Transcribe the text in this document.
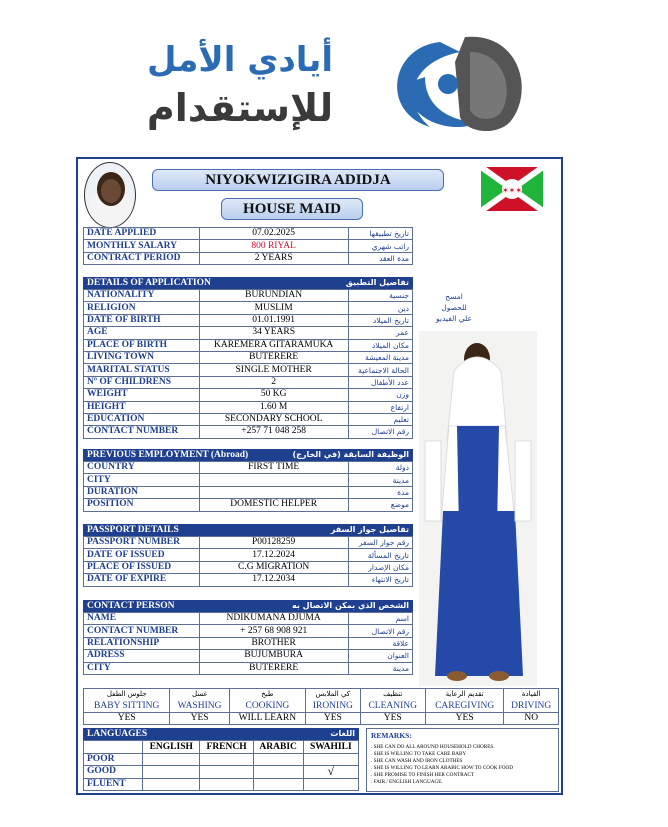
أيادي الأمل
للإستقدام
NIYOKWIZIGIRA ADIDJA
HOUSE MAID
✶✶✶
DATE APPLIED	07.02.2025	تاريخ تطبيقها
MONTHLY SALARY	800 RIYAL	راتب شهري
CONTRACT PERIOD	2 YEARS	مدة العقد
DETAILS OF APPLICATION	تفاصيل التطبيق
NATIONALITY	BURUNDIAN	جنسية
RELIGION	MUSLIM	دين
DATE OF BIRTH	01.01.1991	تاريخ الميلاد
AGE	34 YEARS	عمر
PLACE OF BIRTH	KAREMERA GITARAMUKA	مكان الميلاد
LIVING TOWN	BUTERERE	مدينة المعيشة
MARITAL STATUS	SINGLE MOTHER	الحالة الاجتماعية
Nº OF CHILDRENS	2	عدد الأطفال
WEIGHT	50 KG	وزن
HEIGHT	1.60 M	ارتفاع
EDUCATION	SECONDARY SCHOOL	تعليم
CONTACT NUMBER	+257 71 048 258	رقم الاتصال
PREVIOUS EMPLOYMENT (Abroad)	الوظيفة السابقة (في الخارج)
COUNTRY	FIRST TIME	دولة
CITY		مدينة
DURATION		مدة
POSITION	DOMESTIC HELPER	موضع
PASSPORT DETAILS	تفاصيل جواز السفر
PASSPORT NUMBER	P00128259	رقم جواز السفر
DATE OF ISSUED	17.12.2024	تاريخ المسألة
PLACE OF ISSUED	C.G MIGRATION	مكان الإصدار
DATE OF EXPIRE	17.12.2034	تاريخ الانتهاء
CONTACT PERSON	الشخص الذي بمكن الاتصال به
NAME	NDIKUMANA DJUMA	اسم
CONTACT NUMBER	+ 257 68 908 921	رقم الاتصال
RELATIONSHIP	BROTHER	علاقة
ADRESS	BUJUMBURA	العنوان
CITY	BUTERERE	مدينة
امسح للحصول علي الفيديو
جلوس الطفل	غسل	طبخ	كي الملابس	تنظيف	تقديم الرعاية	القيادة
BABY SITTING	WASHING	COOKING	IRONING	CLEANING	CAREGIVING	DRIVING
YES	YES	WILL LEARN	YES	YES	YES	NO
LANGUAGES	اللغات
	ENGLISH	FRENCH	ARABIC	SWAHILI
POOR				
GOOD				√
FLUENT				
REMARKS:
. SHE CAN DO ALL AROUND HOUSEHOLD CHORES.
. SHE IS WILLING TO TAKE CARE BABY
. SHE CAN WASH AND IRON CLOTHES
. SHE IS WILLING TO LEARN ARABIC HOW TO COOK FOOD
. SHE PROMISE TO FINISH HER CONTRACT
. FAIR / ENGLISH LANGUAGE.
